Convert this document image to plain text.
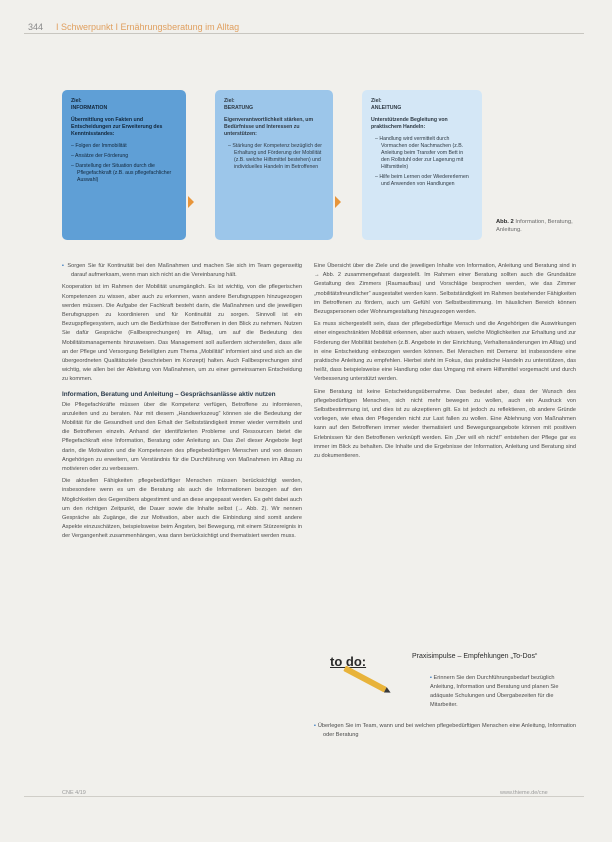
344 I Schwerpunkt I Ernährungsberatung im Alltag
Ziel:
INFORMATION
Übermittlung von Fakten und Entscheidungen zur Erweiterung des Kenntnisstandes:
– Folgen der Immobilität
– Ansätze der Förderung
– Darstellung der Situation durch die Pflegefachkraft (z.B. aus pflegefachlicher Auswahl)
Ziel:
BERATUNG
Eigenverantwortlichkeit stärken, um Bedürfnisse und Interessen zu unterstützen:
– Stärkung der Kompetenz bezüglich der Erhaltung und Förderung der Mobilität (z.B. welche Hilfsmittel bestehen) und individuelles Handeln im Betroffenen
Ziel:
ANLEITUNG
Unterstützende Begleitung von praktischem Handeln:
– Handlung wird vermittelt durch Vormachen oder Nachmachen (z.B. Anleitung beim Transfer vom Bett in den Rollstuhl oder zur Lagerung mit Hilfsmitteln)
– Hilfe beim Lernen oder Wiedererlernen und Anwenden von Handlungen
Abb. 2 Information, Beratung, Anleitung.

▪ Sorgen Sie für Kontinuität bei den Maßnahmen und machen Sie sich im Team gegenseitig darauf aufmerksam, wenn man sich nicht an die Vereinbarung hält.

Kooperation ist im Rahmen der Mobilität unumgänglich. Es ist wichtig, von die pflegerischen Kompetenzen zu wissen, aber auch zu erkennen, wann andere Berufsgruppen hinzugezogen werden müssen. Die Aufgabe der Fachkraft besteht darin, die Maßnahmen und die jeweiligen Berufsgruppen zu koordinieren und für Kontinuität zu sorgen. Sinnvoll ist ein Bezugspflegesystem, auch um die Bedürfnisse der Betroffenen in den Blick zu nehmen. Nutzen Sie dafür Gespräche (Fallbesprechungen) im Alltag, um auf die Bedeutung des Mobilitätsmanagements hinzuweisen. Das Management soll außerdem sicherstellen, dass alle an der Pflege und Versorgung Beteiligten zum Thema „Mobilität“ informiert sind und sich an die übergeordneten Qualitätsziele (beschrieben im Konzept) halten. Auch Fallbesprechungen sind wichtig, wie allen bei der Ableitung von Maßnahmen, um zu einer gemeinsamen Entscheidung zu kommen.

Information, Beratung und Anleitung – Gesprächsanlässe aktiv nutzen

Die Pflegefachkräfte müssen über die Kompetenz verfügen, Betroffene zu informieren, anzuleiten und zu beraten. Nur mit diesem „Handwerkszeug“ können sie die Bedeutung der Mobilität für die Gesundheit und den Erhalt der Selbstständigkeit immer wieder vermitteln und die Betroffenen einzeln. Anhand der identifizierten Probleme und Ressourcen bietet die Pflegefachkraft eine Information, Beratung oder Anleitung an. Das Ziel dieser Angebote liegt darin, die Motivation und die Kompetenzen des pflegebedürftigen Menschen und von dessen Angehörigen zu erweitern, um Verständnis für die Durchführung von Maßnahmen im Alltag zu motivieren oder zu verbessern.

Die aktuellen Fähigkeiten pflegebedürftiger Menschen müssen berücksichtigt werden, insbesondere wenn es um die Beratung als auch die Informationen bezogen auf den Möglichkeiten des Gegenübers abgestimmt und an diese angepasst werden. Es geht dabei auch um den richtigen Zeitpunkt, die Dauer sowie die Inhalte selbst (→ Abb. 2). Wir nennen Gespräche als Zugänge, die zur Motivation, aber auch die Einbindung sind somit andere Aspekte einzuschätzen, beispielsweise beim Ängsten, bei Bewegung, mit einem Stürzereignis in der Vergangenheit zusammenhängen, was dann berücksichtigt und thematisiert werden muss.

Eine Übersicht über die Ziele und die jeweiligen Inhalte von Information, Anleitung und Beratung sind in → Abb. 2 zusammengefasst dargestellt. Im Rahmen einer Beratung sollten auch die Grundsätze Gestaltung des Zimmers (Raumaufbau) und Vorschläge besprochen werden, wie das Zimmer „mobilitätsfreundlicher“ ausgestaltet werden kann. Selbstständigkeit im Rahmen bestehender Fähigkeiten im Betroffenen zu fördern, auch um Gefühl von Selbstbestimmung. Im häuslichen Bereich können Bezugspersonen oder Wohnumgestaltung hinzugezogen werden.

Es muss sichergestellt sein, dass der pflegebedürftige Mensch und die Angehörigen die Auswirkungen einer eingeschränkten Mobilität erkennen, aber auch wissen, welche Möglichkeiten zur Erhaltung und zur Förderung der Mobilität bestehen (z.B. Angebote in der Einrichtung, Verhaltensänderungen im Alltag) und in eine Entscheidung einbezogen werden können. Bei Menschen mit Demenz ist insbesondere eine praktische Anleitung zu empfehlen. Hierbei steht im Fokus, das praktische Handeln zu unterstützen, das heißt, dass beispielsweise eine Handlung oder das Umgang mit einem Hilfsmittel vorgemacht und durch Verbesserung unterstützt werden.

Eine Beratung ist keine Entscheidungsübernahme. Das bedeutet aber, dass der Wunsch des pflegebedürftigen Menschen, sich nicht mehr bewegen zu wollen, auch ein Ausdruck von Selbstbestimmung ist, und dies ist zu akzeptieren gilt. Es ist jedoch zu reflektieren, ob andere Gründe vorliegen, wie etwa den Pflegenden nicht zur Last fallen zu wollen. Eine Ablehnung von Maßnahmen kann auf den Betroffenen immer wieder thematisiert und Bewegungsangebote können mit positiven Erlebnissen für den Betroffenen verknüpft werden. Ein „Der will eh nicht!“ entstehen der Pflege gar es immer im Blick zu behalten. Die Inhalte und die Ergebnisse der Information, Anleitung und Beratung sind zu dokumentieren.

to do:	Praxisimpulse – Empfehlungen „To-Dos“
▪ Erinnern Sie den Durchführungsbedarf bezüglich Anleitung, Information und Beratung und planen Sie adäquate Schulungen und Übergabezeiten für die Mitarbeiter.

▪ Überlegen Sie im Team, wann und bei welchen pflegebedürftigen Menschen eine Anleitung, Information oder Beratung

CNE 4/19	www.thieme.de/cne
